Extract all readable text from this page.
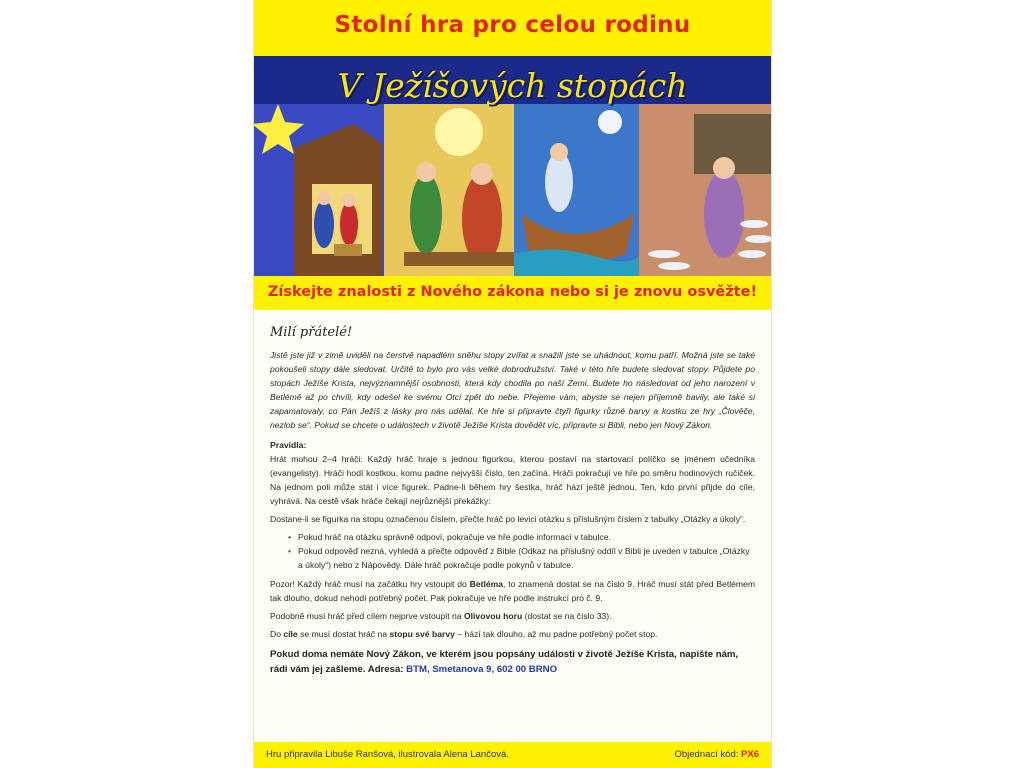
Stolní hra pro celou rodinu
V Ježíšových stopách
Získejte znalosti z Nového zákona nebo si je znovu osvěžte!
Milí přátelé!
Jistě jste již v zimě uviděli na čerstvě napadlém sněhu stopy zvířat a snažili jste se uhádnout, komu patří. Možná jste se také pokoušeli stopy dále sledovat. Určitě to bylo pro vás velké dobrodružství. Také v této hře budete sledovat stopy. Půjdete po stopách Ježíše Krista, nejvýznamnější osobnosti, která kdy chodila po naší Zemi. Budete ho následovat od jeho narození v Betlémě až po chvíli, kdy odešel ke svému Otci zpět do nebe. Přejeme vám, abyste se nejen příjemně bavily, ale také si zapamatovaly, co Pán Ježíš z lásky pro nás udělal. Ke hře si připravte čtyři figurky různé barvy a kostku ze hry „Člověče, nezlob se“. Pokud se chcete o událostech v životě Ježíše Krista dovědět víc, připravte si Bibli, nebo jen Nový Zákon.
Pravidla:

Hrát mohou 2–4 hráči. Každý hráč hraje s jednou figurkou, kterou postaví na startovací políčko se jménem učedníka (evangelisty). Hráči hodí kostkou, komu padne nejvyšší číslo, ten začíná. Hráči pokračují ve hře po směru hodinových ručiček. Na jednom poli může stát i více figurek. Padne-li během hry šestka, hráč hází ještě jednou. Ten, kdo první přijde do cíle, vyhrává. Na cestě však hráče čekají nejrůznější překážky:

Dostane-li se figurka na stopu označenou číslem, přečte hráč po levici otázku s příslušným číslem z tabulky „Otázky a úkoly“.

• Pokud hráč na otázku správně odpoví, pokračuje ve hře podle informací v tabulce.
• Pokud odpověď nezná, vyhledá a přečte odpověď z Bible (Odkaz na příslušný oddíl v Bibli je uveden v tabulce „Otázky a úkoly“) nebo z Nápovědy. Dále hráč pokračuje podle pokynů v tabulce.

Pozor! Každý hráč musí na začátku hry vstoupit do Betléma, to znamená dostat se na číslo 9. Hráč musí stát před Betlémem tak dlouho, dokud nehodí potřebný počet. Pak pokračuje ve hře podle instrukcí pro č. 9.

Podobně musí hráč před cílem nejprve vstoupit na Olivovou horu (dostat se na číslo 33).

Do cíle se musí dostat hráč na stopu své barvy – hází tak dlouho, až mu padne potřebný počet stop.

Pokud doma nemáte Nový Zákon, ve kterém jsou popsány události v životě Ježíše Krista, napište nám, rádi vám jej zašleme. Adresa: BTM, Smetanova 9, 602 00 BRNO
Hru připravila Libuše Ranšová, ilustrovala Alena Lančová.	Objednací kód: PX6
